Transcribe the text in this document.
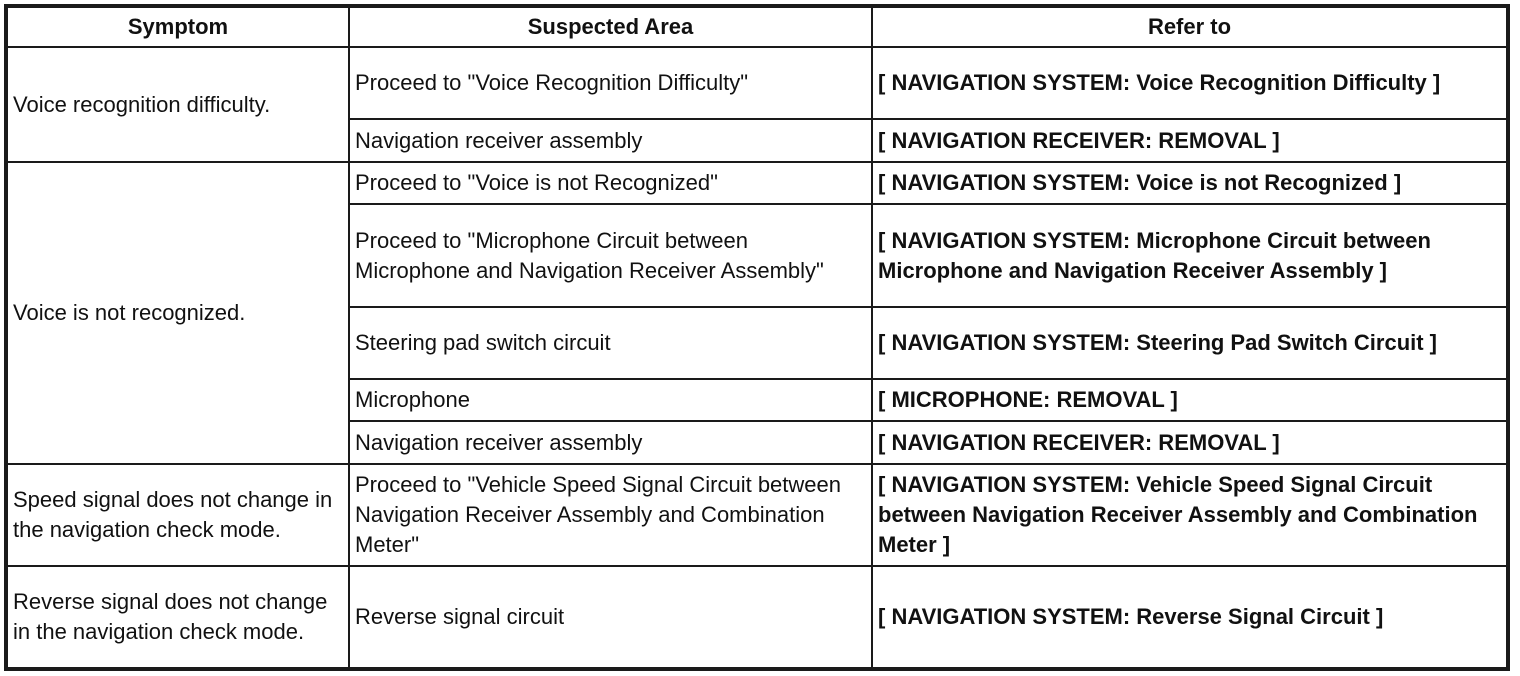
Symptom	Suspected Area	Refer to
Voice recognition difficulty.	Proceed to "Voice Recognition Difficulty"	[ NAVIGATION SYSTEM: Voice Recognition Difficulty ]
	Navigation receiver assembly	[ NAVIGATION RECEIVER: REMOVAL ]
Voice is not recognized.	Proceed to "Voice is not Recognized"	[ NAVIGATION SYSTEM: Voice is not Recognized ]
	Proceed to "Microphone Circuit between Microphone and Navigation Receiver Assembly"	[ NAVIGATION SYSTEM: Microphone Circuit between Microphone and Navigation Receiver Assembly ]
	Steering pad switch circuit	[ NAVIGATION SYSTEM: Steering Pad Switch Circuit ]
	Microphone	[ MICROPHONE: REMOVAL ]
	Navigation receiver assembly	[ NAVIGATION RECEIVER: REMOVAL ]
Speed signal does not change in the navigation check mode.	Proceed to "Vehicle Speed Signal Circuit between Navigation Receiver Assembly and Combination Meter"	[ NAVIGATION SYSTEM: Vehicle Speed Signal Circuit between Navigation Receiver Assembly and Combination Meter ]
Reverse signal does not change in the navigation check mode.	Reverse signal circuit	[ NAVIGATION SYSTEM: Reverse Signal Circuit ]
